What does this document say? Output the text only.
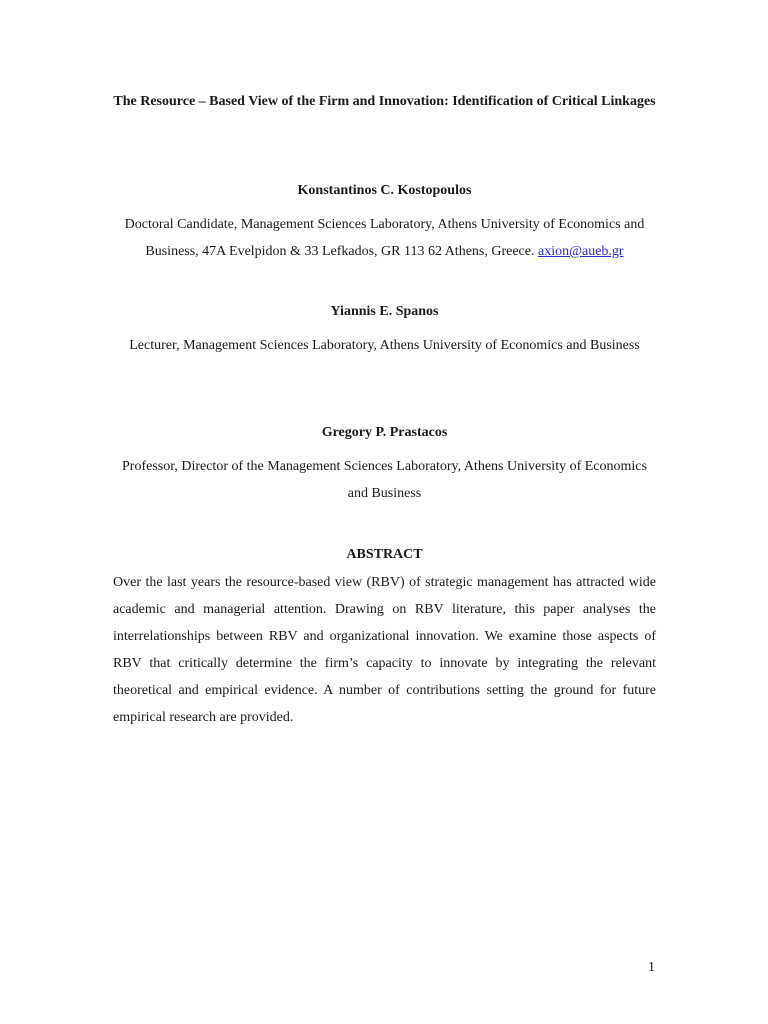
The Resource – Based View of the Firm and Innovation: Identification of Critical Linkages
Konstantinos C. Kostopoulos
Doctoral Candidate, Management Sciences Laboratory, Athens University of Economics and Business, 47A Evelpidon & 33 Lefkados, GR 113 62 Athens, Greece. axion@aueb.gr
Yiannis E. Spanos
Lecturer, Management Sciences Laboratory, Athens University of Economics and Business
Gregory P. Prastacos
Professor, Director of the Management Sciences Laboratory, Athens University of Economics and Business
ABSTRACT
Over the last years the resource-based view (RBV) of strategic management has attracted wide academic and managerial attention. Drawing on RBV literature, this paper analyses the interrelationships between RBV and organizational innovation. We examine those aspects of RBV that critically determine the firm’s capacity to innovate by integrating the relevant theoretical and empirical evidence. A number of contributions setting the ground for future empirical research are provided.
1
